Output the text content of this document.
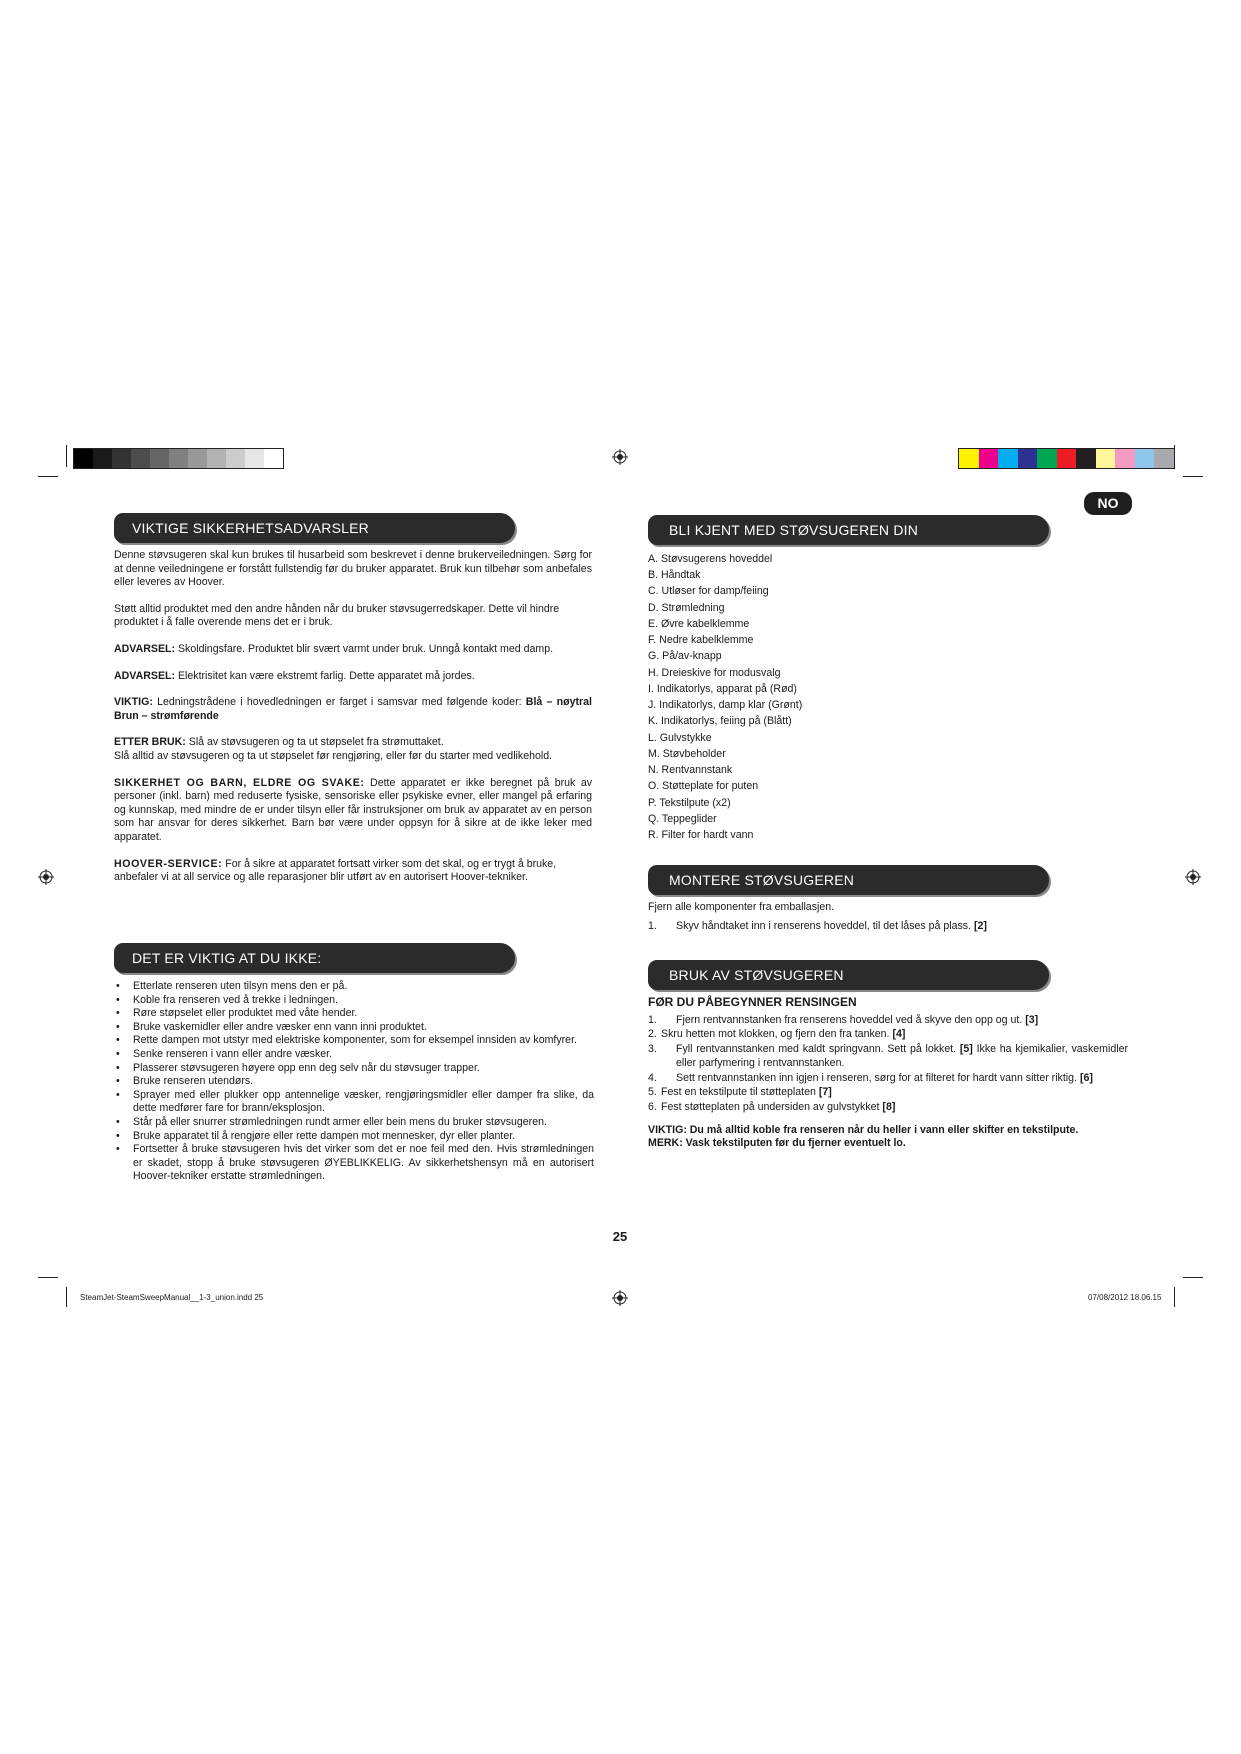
NO
VIKTIGE SIKKERHETSADVARSLER

Denne støvsugeren skal kun brukes til husarbeid som beskrevet i denne brukerveiledningen. Sørg for at denne veiledningene er forstått fullstendig før du bruker apparatet. Bruk kun tilbehør som anbefales eller leveres av Hoover.

Støtt alltid produktet med den andre hånden når du bruker støvsugerredskaper. Dette vil hindre produktet i å falle overende mens det er i bruk.

ADVARSEL: Skoldingsfare. Produktet blir svært varmt under bruk. Unngå kontakt med damp.

ADVARSEL: Elektrisitet kan være ekstremt farlig. Dette apparatet må jordes.

VIKTIG: Ledningstrådene i hovedledningen er farget i samsvar med følgende koder: Blå – nøytral Brun – strømførende

ETTER BRUK: Slå av støvsugeren og ta ut støpselet fra strømuttaket.
Slå alltid av støvsugeren og ta ut støpselet før rengjøring, eller før du starter med vedlikehold.

SIKKERHET OG BARN, ELDRE OG SVAKE: Dette apparatet er ikke beregnet på bruk av personer (inkl. barn) med reduserte fysiske, sensoriske eller psykiske evner, eller mangel på erfaring og kunnskap, med mindre de er under tilsyn eller får instruksjoner om bruk av apparatet av en person som har ansvar for deres sikkerhet. Barn bør være under oppsyn for å sikre at de ikke leker med apparatet.

HOOVER-SERVICE: For å sikre at apparatet fortsatt virker som det skal, og er trygt å bruke, anbefaler vi at all service og alle reparasjoner blir utført av en autorisert Hoover-tekniker.

DET ER VIKTIG AT DU IKKE:
• Etterlate renseren uten tilsyn mens den er på.
• Koble fra renseren ved å trekke i ledningen.
• Røre støpselet eller produktet med våte hender.
• Bruke vaskemidler eller andre væsker enn vann inni produktet.
• Rette dampen mot utstyr med elektriske komponenter, som for eksempel innsiden av komfyrer.
• Senke renseren i vann eller andre væsker.
• Plasserer støvsugeren høyere opp enn deg selv når du støvsuger trapper.
• Bruke renseren utendørs.
• Sprayer med eller plukker opp antennelige væsker, rengjøringsmidler eller damper fra slike, da dette medfører fare for brann/eksplosjon.
• Står på eller snurrer strømledningen rundt armer eller bein mens du bruker støvsugeren.
• Bruke apparatet til å rengjøre eller rette dampen mot mennesker, dyr eller planter.
• Fortsetter å bruke støvsugeren hvis det virker som det er noe feil med den. Hvis strømledningen er skadet, stopp å bruke støvsugeren ØYEBLIKKELIG. Av sikkerhetshensyn må en autorisert Hoover-tekniker erstatte strømledningen.
BLI KJENT MED STØVSUGEREN DIN
A. Støvsugerens hoveddel
B. Håndtak
C. Utløser for damp/feiing
D. Strømledning
E. Øvre kabelklemme
F. Nedre kabelklemme
G. På/av-knapp
H. Dreieskive for modusvalg
I. Indikatorlys, apparat på (Rød)
J. Indikatorlys, damp klar (Grønt)
K. Indikatorlys, feiing på (Blått)
L. Gulvstykke
M. Støvbeholder
N. Rentvannstank
O. Støtteplate for puten
P. Tekstilpute (x2)
Q. Teppeglider
R. Filter for hardt vann
MONTERE STØVSUGEREN
Fjern alle komponenter fra emballasjen.
1. Skyv håndtaket inn i renserens hoveddel, til det låses på plass. [2]
BRUK AV STØVSUGEREN
FØR DU PÅBEGYNNER RENSINGEN
1. Fjern rentvannstanken fra renserens hoveddel ved å skyve den opp og ut. [3]
2. Skru hetten mot klokken, og fjern den fra tanken. [4]
3. Fyll rentvannstanken med kaldt springvann. Sett på lokket. [5] Ikke ha kjemikalier, vaskemidler eller parfymering i rentvannstanken.
4. Sett rentvannstanken inn igjen i renseren, sørg for at filteret for hardt vann sitter riktig. [6]
5. Fest en tekstilpute til støtteplaten [7]
6. Fest støtteplaten på undersiden av gulvstykket [8]
VIKTIG: Du må alltid koble fra renseren når du heller i vann eller skifter en tekstilpute.
MERK: Vask tekstilputen før du fjerner eventuelt lo.
25
SteamJet-SteamSweepManual__1-3_union.indd 25	07/08/2012 18.06.15
